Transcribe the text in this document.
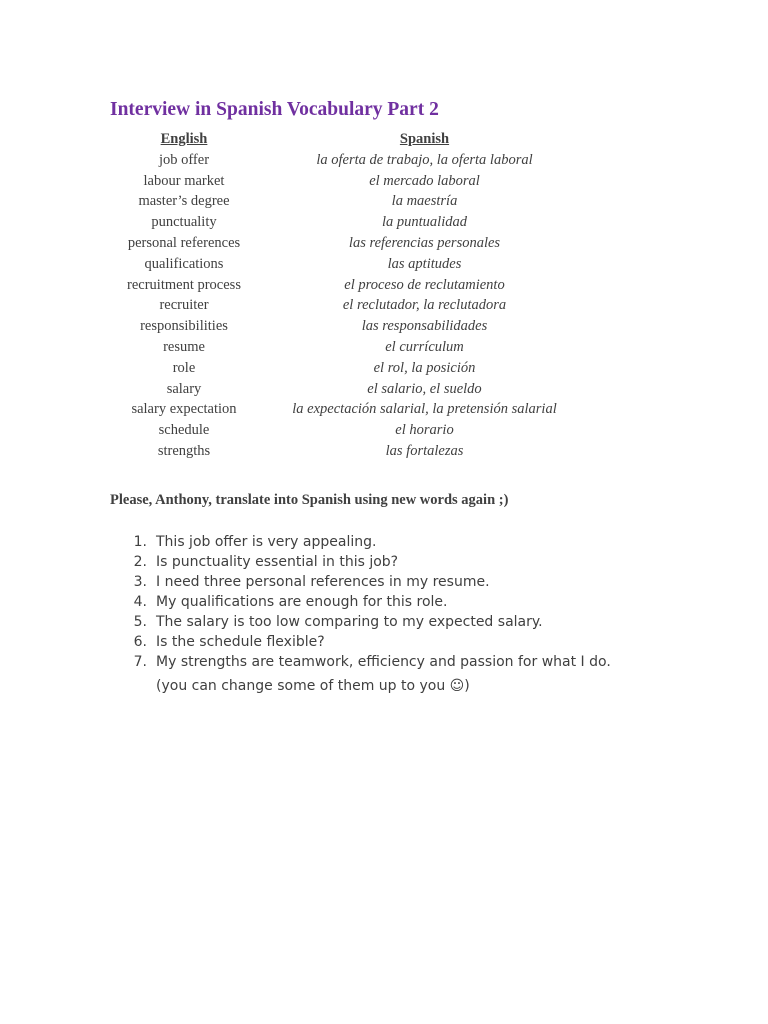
Interview in Spanish Vocabulary Part 2
English	Spanish
job offer	la oferta de trabajo, la oferta laboral
labour market	el mercado laboral
master’s degree	la maestría
punctuality	la puntualidad
personal references	las referencias personales
qualifications	las aptitudes
recruitment process	el proceso de reclutamiento
recruiter	el reclutador, la reclutadora
responsibilities	las responsabilidades
resume	el currículum
role	el rol, la posición
salary	el salario, el sueldo
salary expectation	la expectación salarial, la pretensión salarial
schedule	el horario
strengths	las fortalezas

Please, Anthony, translate into Spanish using new words again ;)

1. This job offer is very appealing.
2. Is punctuality essential in this job?
3. I need three personal references in my resume.
4. My qualifications are enough for this role.
5. The salary is too low comparing to my expected salary.
6. Is the schedule flexible?
7. My strengths are teamwork, efficiency and passion for what I do.

(you can change some of them up to you ☺)
